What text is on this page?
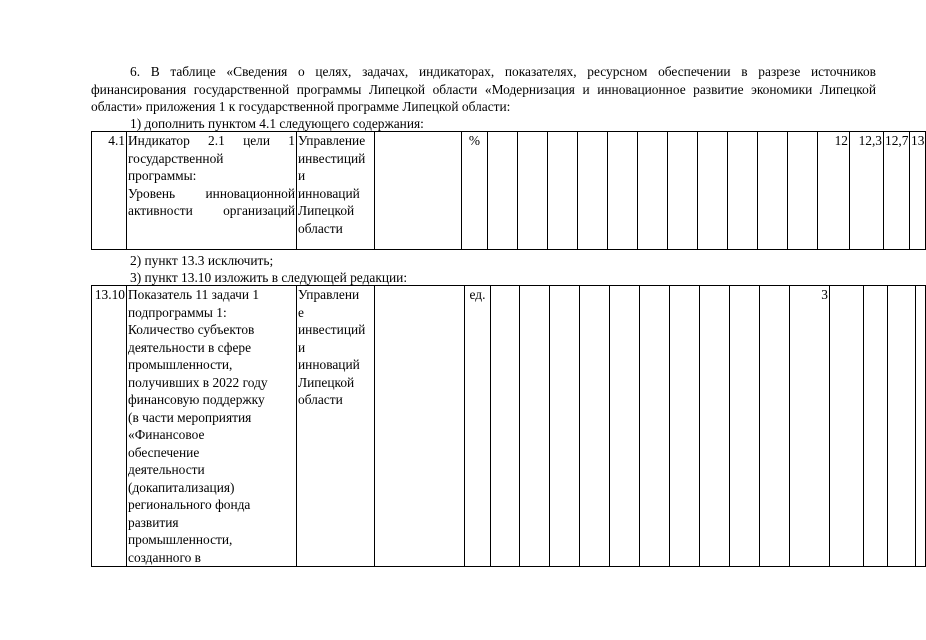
6. В таблице «Сведения о целях, задачах, индикаторах, показателях, ресурсном обеспечении в разрезе источников финансирования государственной программы Липецкой области «Модернизация и инновационное развитие экономики Липецкой области» приложения 1 к государственной программе Липецкой области:

1) дополнить пунктом 4.1 следующего содержания:
4.1	Индикатор 2.1 цели 1
государственной
программы:
Уровень инновационной
активности организаций	Управление
инвестиций
и
инноваций
Липецкой
области		%												12	12,3	12,7	13
2) пункт 13.3 исключить;
3) пункт 13.10 изложить в следующей редакции:
13.10	Показатель 11 задачи 1
подпрограммы 1:
Количество субъектов
деятельности в сфере
промышленности,
получивших в 2022 году
финансовую поддержку
(в части мероприятия
«Финансовое
обеспечение
деятельности
(докапитализация)
регионального фонда
развития
промышленности,
созданного в	Управлени
е
инвестиций
и
инноваций
Липецкой
области		ед.											3				
